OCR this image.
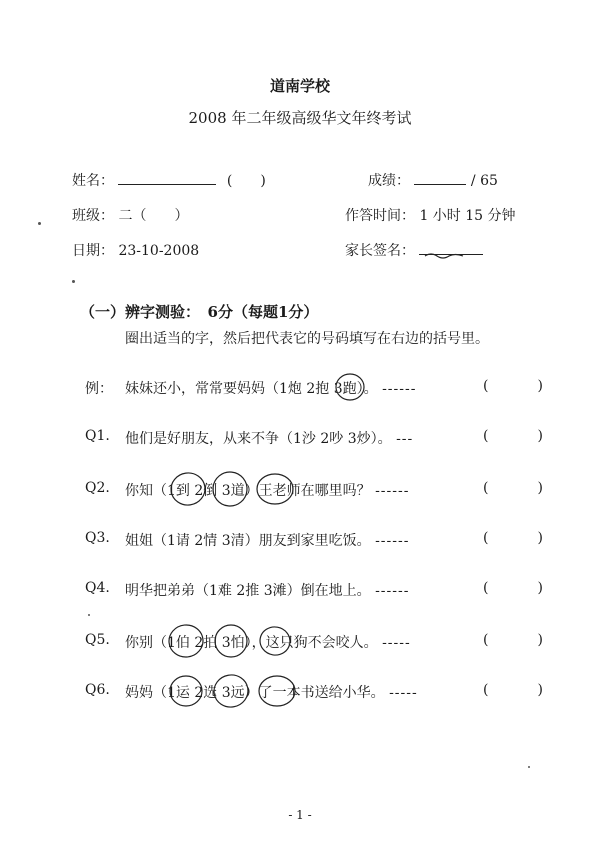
道南学校
2008 年二年级高级华文年终考试
姓名：	(　　)	成绩：	/ 65
班级： 二（　　）	作答时间： 1 小时 15 分钟
日期： 23-10-2008	家长签名：
（一）辨字测验：　6分（每题1分）
圈出适当的字，然后把代表它的号码填写在右边的括号里。
例： 妹妹还小，常常要妈妈（1炮 2抱 3跑）。 ------	(	)
Q1.	他们是好朋友，从来不争（1沙 2吵 3炒）。 ---	(	)
Q2.	你知（1到 2倒 3道）王老师在哪里吗？ ------	(	)
Q3.	姐姐（1请 2情 3清）朋友到家里吃饭。 ------	(	)
Q4.	明华把弟弟（1难 2推 3滩）倒在地上。 ------	(	)
Q5.	你别（1伯 2拍 3怕），这只狗不会咬人。 -----	(	)
Q6.	妈妈（1运 2选 3远）了一本书送给小华。 -----	(	)
- 1 -
